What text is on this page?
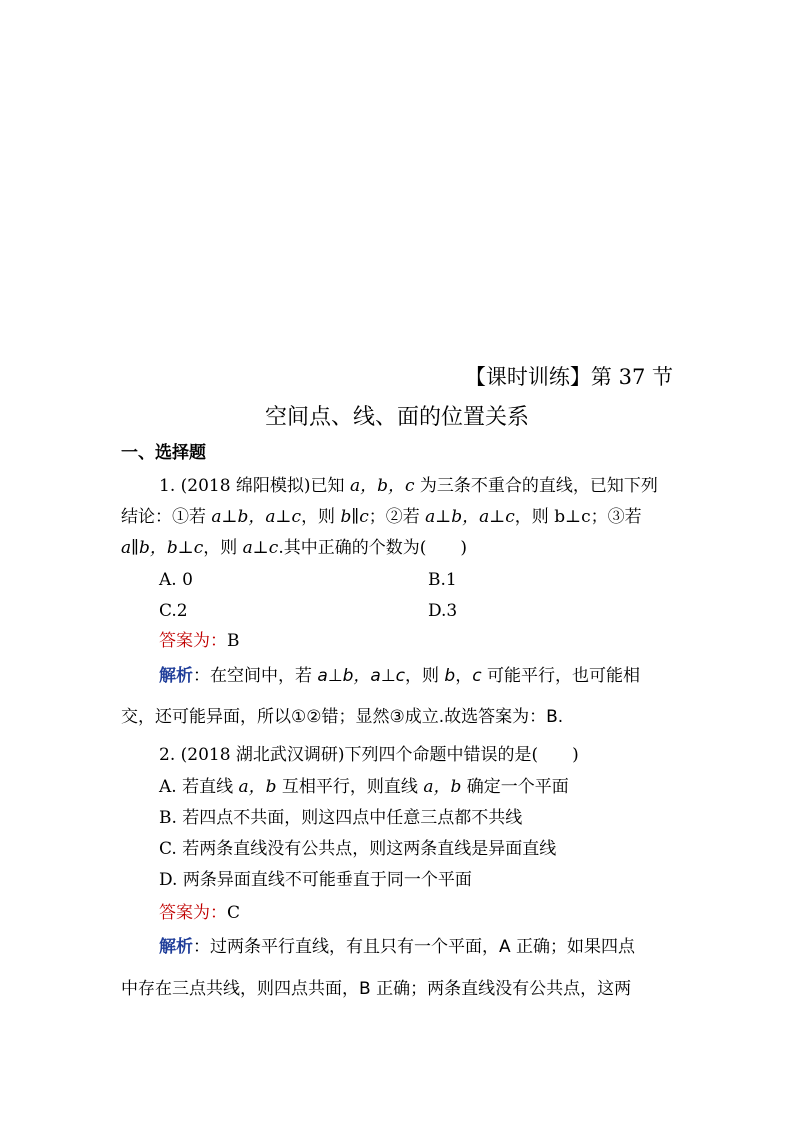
【课时训练】第 37 节
空间点、线、面的位置关系
一、选择题
1. (2018 绵阳模拟)已知 a，b，c 为三条不重合的直线，已知下列
结论：①若 a⊥b，a⊥c，则 b∥c；②若 a⊥b，a⊥c，则 b⊥c；③若
a∥b，b⊥c，则 a⊥c.其中正确的个数为(　　)
A. 0	B.1
C.2	D.3
答案为：B
解析：在空间中，若 a⊥b，a⊥c，则 b，c 可能平行，也可能相
交，还可能异面，所以①②错；显然③成立.故选答案为：B.
2. (2018 湖北武汉调研)下列四个命题中错误的是(　　)
A. 若直线 a，b 互相平行，则直线 a，b 确定一个平面
B. 若四点不共面，则这四点中任意三点都不共线
C. 若两条直线没有公共点，则这两条直线是异面直线
D. 两条异面直线不可能垂直于同一个平面
答案为：C
解析：过两条平行直线，有且只有一个平面，A 正确；如果四点
中存在三点共线，则四点共面，B 正确；两条直线没有公共点，这两
